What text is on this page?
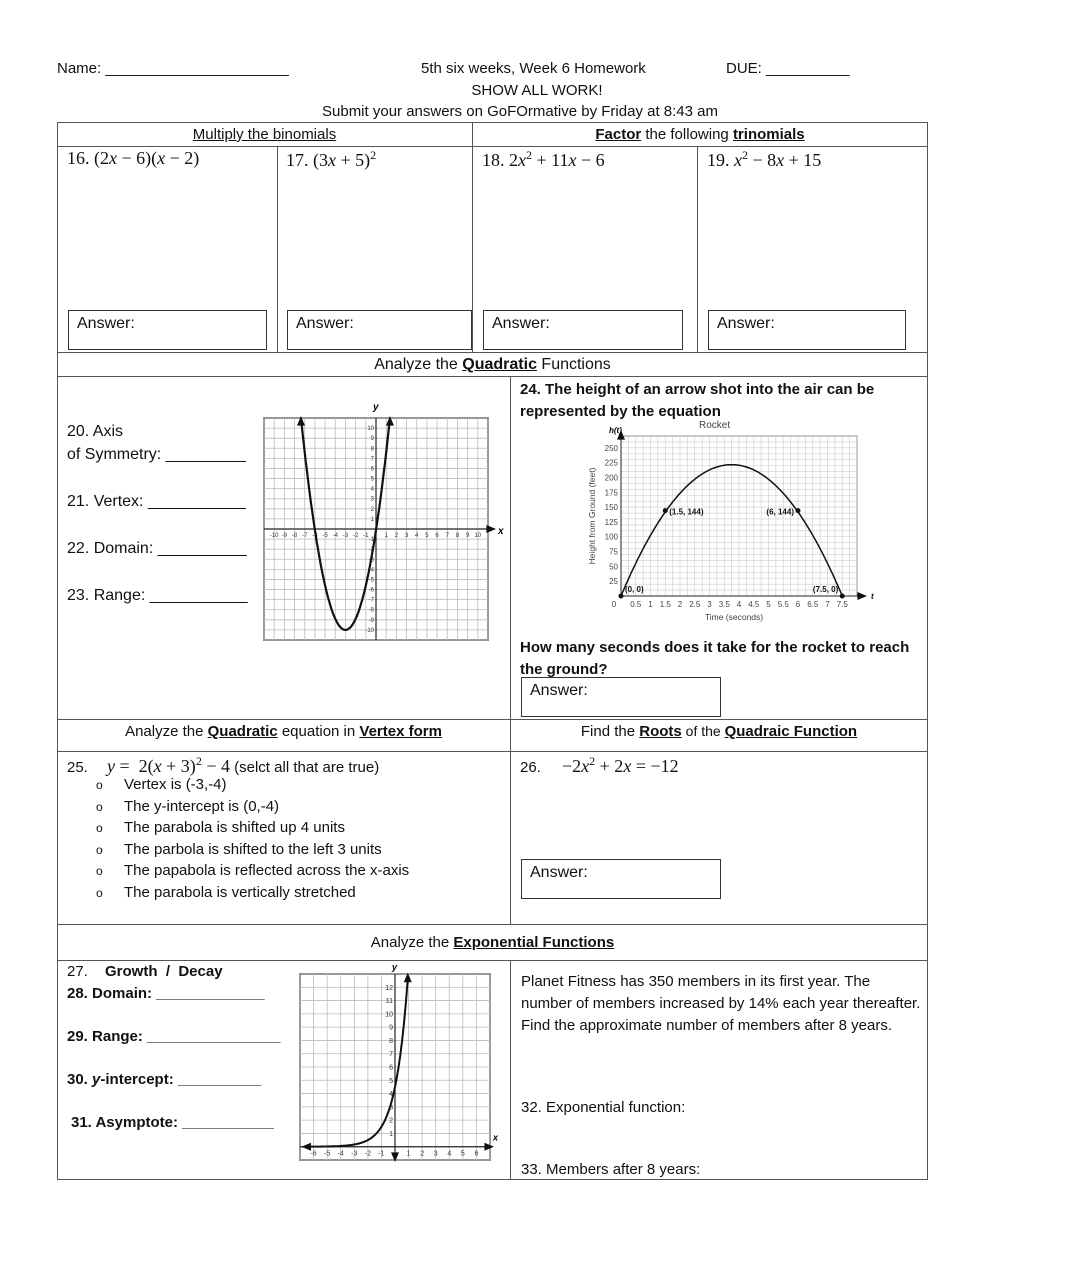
Name: ______________________	5th six weeks, Week 6 Homework	DUE: __________
SHOW ALL WORK!
Submit your answers on GoFOrmative by Friday at 8:43 am
Multiply the binomials	Factor the following trinomials
16. (2x − 6)(x − 2)	17. $(3x + 5)^2$	18. $2x^2 + 11x - 6$	19. $x^2 - 8x + 15$
Answer:	Answer:	Answer:	Answer:
Analyze the Quadratic Functions
20. Axis
of Symmetry: _________
21. Vertex: ___________
22. Domain: __________
23. Range: ___________
x
y
-10
-10
-9
-9
-8
-8
-7
-7
-6
-6
-5
-5
-4
-4
-3
-3
-2
-2
-1
-1
1
1
2
2
3
3
4
4
5
5
6
6
7
7
8
8
9
9
10
10
24. The height of an arrow shot into the air can be represented by the equation
Rocket
h(t)
t
25
50
75
100
125
150
175
200
225
250
0 0.5 1 1.5 2 2.5 3 3.5 4 4.5 5 5.5 6 6.5 7 7.5
Height from Ground (feet)
Time (seconds)
(0, 0)
(1.5, 144)	(6, 144)
(7.5, 0)
How many seconds does it take for the rocket to reach the ground?
Answer:
Analyze the Quadratic equation in Vertex form	Find the Roots of the Quadraic Function
25. $y = 2(x + 3)^2 - 4$ (selct all that are true)
o Vertex is (-3,-4)
o The y-intercept is (0,-4)
o The parabola is shifted up 4 units
o The parbola is shifted to the left 3 units
o The papabola is reflected across the x-axis
o The parabola is vertically stretched
26. $-2x^2 + 2x = -12$
Answer:
Analyze the Exponential Functions
27. Growth  /  Decay
28. Domain: _____________
29. Range: ________________
30. y-intercept: __________
31. Asymptote: ___________
x
y
-6 -5 -4 -3 -2 -1	1 2 3 4 5 6
1
2
3
4
5
6
7
8
9
10
11
12	Planet Fitness has 350 members in its first year. The number of members increased by 14% each year thereafter. Find the approximate number of members after 8 years.
32. Exponential function:
33. Members after 8 years:
